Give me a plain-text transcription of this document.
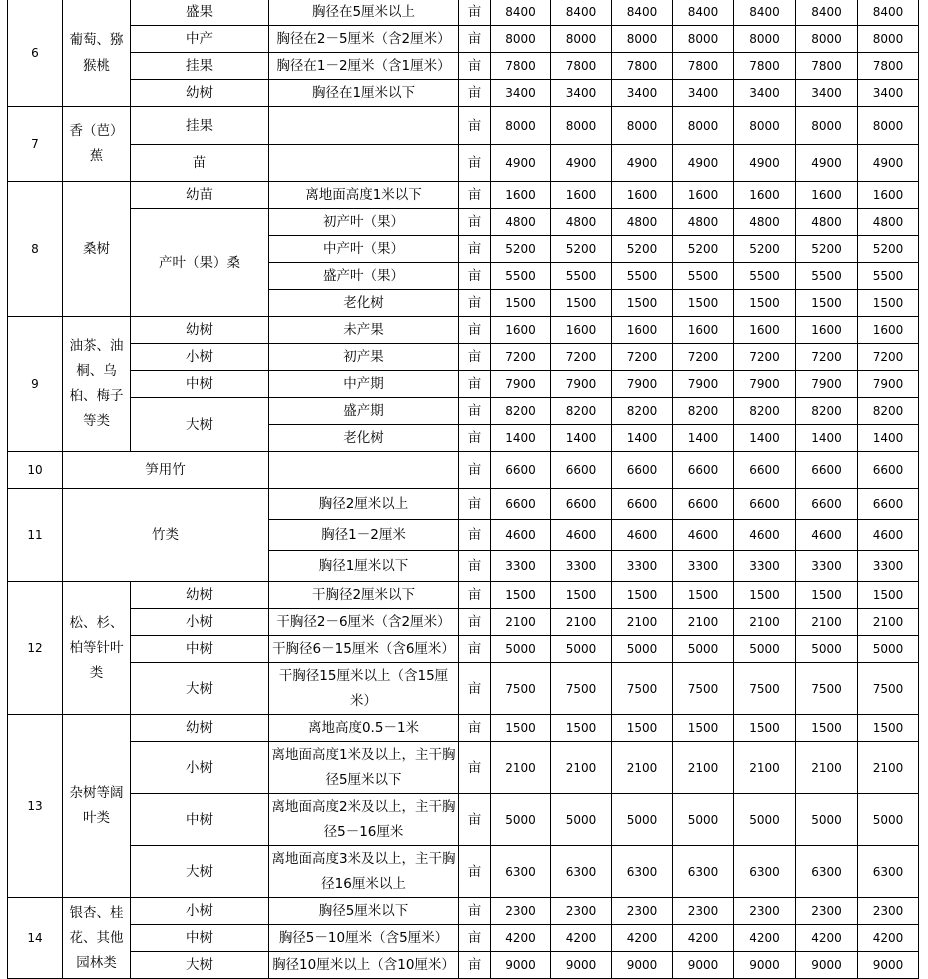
6	葡萄、猕猴桃	盛果	胸径在5厘米以上	亩	8400	8400	8400	8400	8400	8400	8400
		中产	胸径在2－5厘米（含2厘米）	亩	8000	8000	8000	8000	8000	8000	8000
		挂果	胸径在1－2厘米（含1厘米）	亩	7800	7800	7800	7800	7800	7800	7800
		幼树	胸径在1厘米以下	亩	3400	3400	3400	3400	3400	3400	3400
7	香（芭）蕉	挂果		亩	8000	8000	8000	8000	8000	8000	8000
		苗		亩	4900	4900	4900	4900	4900	4900	4900
8	桑树	幼苗	离地面高度1米以下	亩	1600	1600	1600	1600	1600	1600	1600
		产叶（果）桑	初产叶（果）	亩	4800	4800	4800	4800	4800	4800	4800
			中产叶（果）	亩	5200	5200	5200	5200	5200	5200	5200
			盛产叶（果）	亩	5500	5500	5500	5500	5500	5500	5500
			老化树	亩	1500	1500	1500	1500	1500	1500	1500
9	油茶、油桐、乌桕、梅子等类	幼树	未产果	亩	1600	1600	1600	1600	1600	1600	1600
		小树	初产果	亩	7200	7200	7200	7200	7200	7200	7200
		中树	中产期	亩	7900	7900	7900	7900	7900	7900	7900
		大树	盛产期	亩	8200	8200	8200	8200	8200	8200	8200
			老化树	亩	1400	1400	1400	1400	1400	1400	1400
10	笋用竹			亩	6600	6600	6600	6600	6600	6600	6600
11	竹类		胸径2厘米以上	亩	6600	6600	6600	6600	6600	6600	6600
			胸径1－2厘米	亩	4600	4600	4600	4600	4600	4600	4600
			胸径1厘米以下	亩	3300	3300	3300	3300	3300	3300	3300
12	松、杉、柏等针叶类	幼树	干胸径2厘米以下	亩	1500	1500	1500	1500	1500	1500	1500
		小树	干胸径2－6厘米（含2厘米）	亩	2100	2100	2100	2100	2100	2100	2100
		中树	干胸径6－15厘米（含6厘米）	亩	5000	5000	5000	5000	5000	5000	5000
		大树	干胸径15厘米以上（含15厘米）	亩	7500	7500	7500	7500	7500	7500	7500
13	杂树等阔叶类	幼树	离地高度0.5－1米	亩	1500	1500	1500	1500	1500	1500	1500
		小树	离地面高度1米及以上，主干胸径5厘米以下	亩	2100	2100	2100	2100	2100	2100	2100
		中树	离地面高度2米及以上，主干胸径5－16厘米	亩	5000	5000	5000	5000	5000	5000	5000
		大树	离地面高度3米及以上，主干胸径16厘米以上	亩	6300	6300	6300	6300	6300	6300	6300
14	银杏、桂花、其他园林类	小树	胸径5厘米以下	亩	2300	2300	2300	2300	2300	2300	2300
		中树	胸径5－10厘米（含5厘米）	亩	4200	4200	4200	4200	4200	4200	4200
		大树	胸径10厘米以上（含10厘米）	亩	9000	9000	9000	9000	9000	9000	9000
